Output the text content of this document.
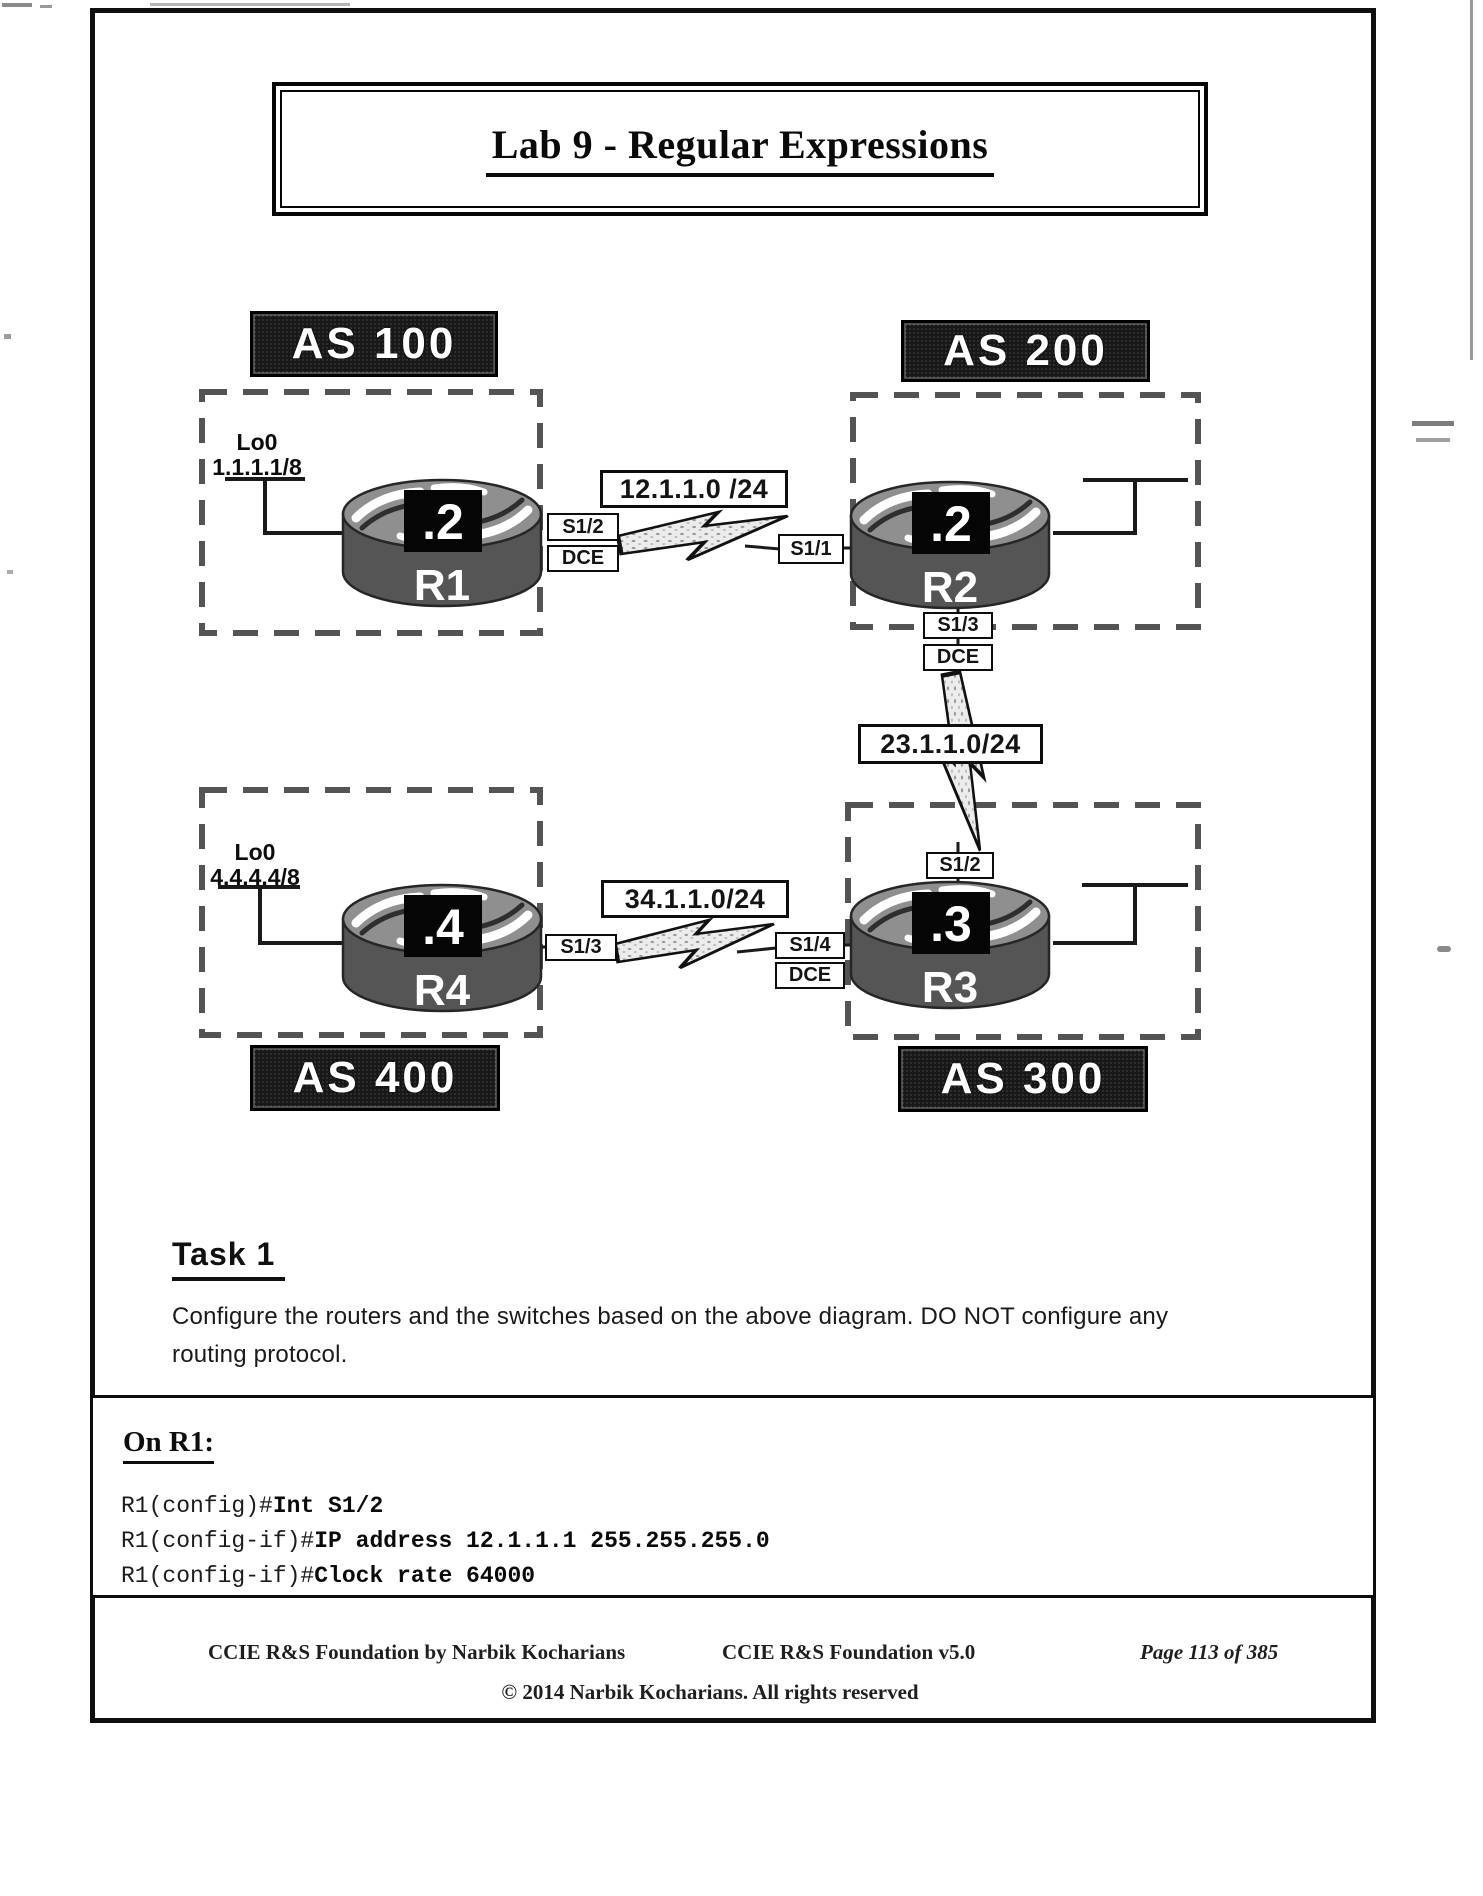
Lab 9 - Regular Expressions
.2
R1
.2
R2
.4
R4
.3
R3
AS 100	AS 200
AS 400	AS 300
Lo0
1.1.1.1/8
Lo0
4.4.4.4/8
12.1.1.0 /24
23.1.1.0/24
34.1.1.0/24
S1/2
DCE	S1/1
S1/3
DCE
S1/2
S1/3	S1/4
DCE
Task 1
Configure the routers and the switches based on the above diagram. DO NOT configure any
routing protocol.
On R1:
R1(config)#Int S1/2
R1(config-if)#IP address 12.1.1.1 255.255.255.0
R1(config-if)#Clock rate 64000
CCIE R&S Foundation by Narbik Kocharians	CCIE R&S Foundation v5.0	Page 113 of 385
© 2014 Narbik Kocharians. All rights reserved
